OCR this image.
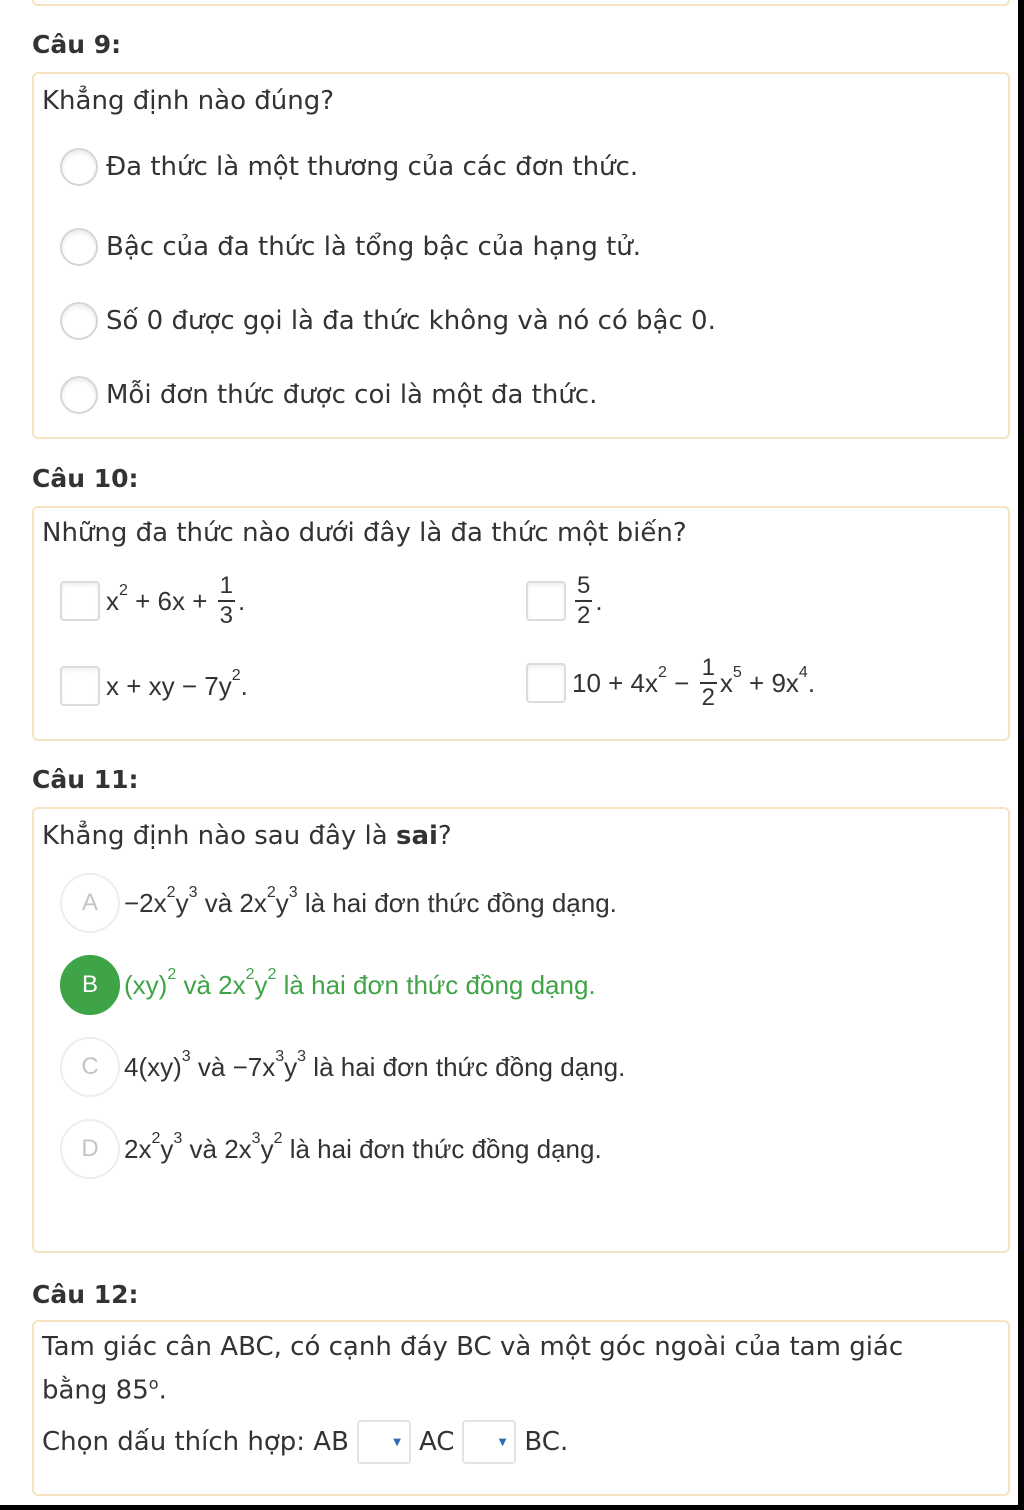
Câu 9:
Khẳng định nào đúng?
Đa thức là một thương của các đơn thức.
Bậc của đa thức là tổng bậc của hạng tử.
Số 0 được gọi là đa thức không và nó có bậc 0.
Mỗi đơn thức được coi là một đa thức.
Câu 10:
Những đa thức nào dưới đây là đa thức một biến?
$x^2 + 6x + \frac{1}{3}$ .	$\frac{5}{2}$ .
x + xy − $7y^2$ .	$10 + 4x^2 - \frac{1}{2} x^5 + 9x^4$ .
Câu 11:
Khẳng định nào sau đây là sai?
A	$-2x^2$ $y^3$ và $2x^2$ $y^3$ là hai đơn thức đồng dạng.
B	(xy)$^2$ và $2x^2$ $y^2$ là hai đơn thức đồng dạng.
C 4(xy)$^3$ và $-7x^3$ $y^3$ là hai đơn thức đồng dạng.
D $2x^2$ $y^3$ và $2x^3$ $y^2$ là hai đơn thức đồng dạng.
Câu 12:
Tam giác cân ABC, có cạnh đáy BC và một góc ngoài của tam giác
bằng 85$^o$.
Chọn dấu thích hợp: AB	▼ AC	▼ BC.
